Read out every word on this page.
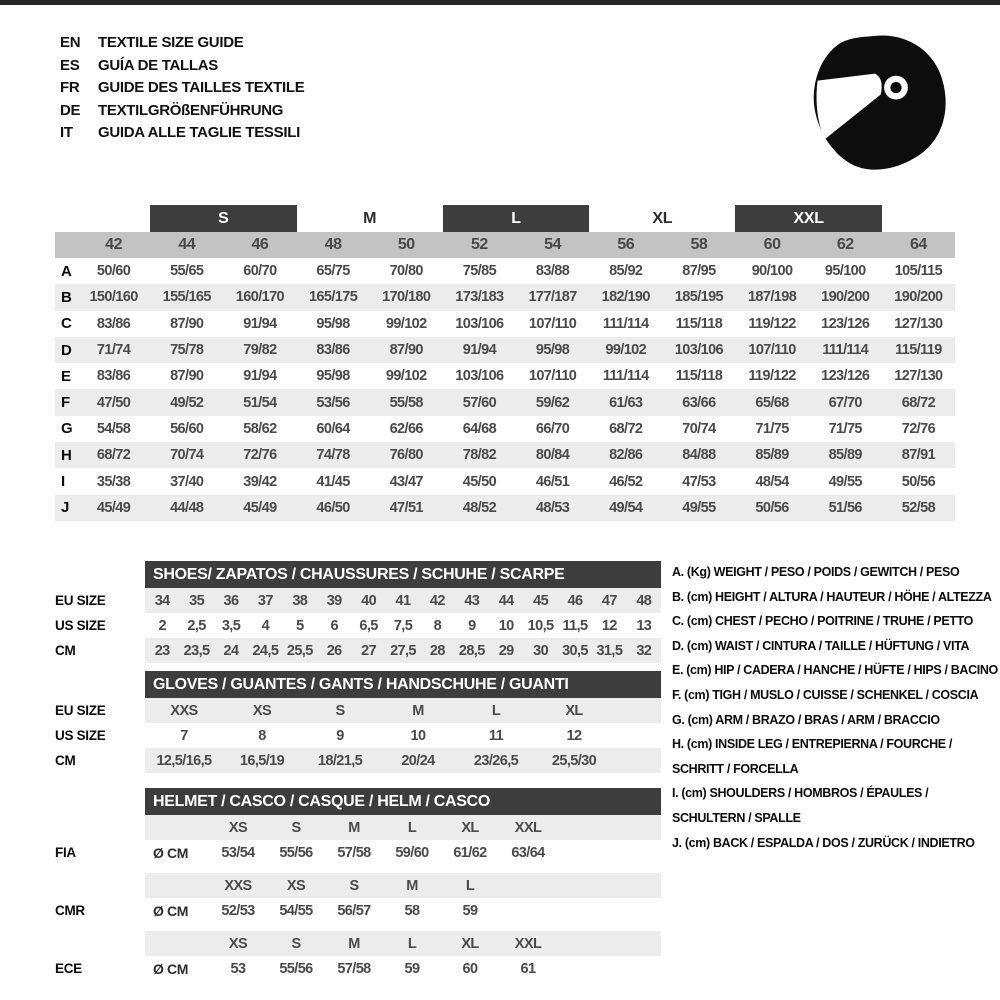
EN	TEXTILE SIZE GUIDE
ES	GUÍA DE TALLAS
FR	GUIDE DES TAILLES TEXTILE
DE	TEXTILGRÖßENFÜHRUNG
IT	GUIDA ALLE TAGLIE TESSILI
S	M	L	XL	XXL
42	44	46	48	50	52	54	56	58	60	62	64
A	50/60	55/65	60/70	65/75	70/80	75/85	83/88	85/92	87/95	90/100	95/100	105/115
B	150/160	155/165	160/170	165/175	170/180	173/183	177/187	182/190	185/195	187/198	190/200	190/200
C	83/86	87/90	91/94	95/98	99/102	103/106	107/110	111/114	115/118	119/122	123/126	127/130
D	71/74	75/78	79/82	83/86	87/90	91/94	95/98	99/102	103/106	107/110	111/114	115/119
E	83/86	87/90	91/94	95/98	99/102	103/106	107/110	111/114	115/118	119/122	123/126	127/130
F	47/50	49/52	51/54	53/56	55/58	57/60	59/62	61/63	63/66	65/68	67/70	68/72
G	54/58	56/60	58/62	60/64	62/66	64/68	66/70	68/72	70/74	71/75	71/75	72/76
H	68/72	70/74	72/76	74/78	76/80	78/82	80/84	82/86	84/88	85/89	85/89	87/91
I	35/38	37/40	39/42	41/45	43/47	45/50	46/51	46/52	47/53	48/54	49/55	50/56
J	45/49	44/48	45/49	46/50	47/51	48/52	48/53	49/54	49/55	50/56	51/56	52/58
SHOES/ ZAPATOS / CHAUSSURES / SCHUHE / SCARPE
EU SIZE	34	35	36	37	38	39	40	41	42	43	44	45	46	47	48
US SIZE	2	2,5	3,5	4	5	6	6,5	7,5	8	9	10 10,5 11,5 12	13
CM	23 23,5 24 24,5 25,5 26	27 27,5 28 28,5 29	30 30,5 31,5 32
GLOVES / GUANTES / GANTS / HANDSCHUHE / GUANTI
EU SIZE	XXS	XS	S	M	L	XL
US SIZE	7	8	9	10	11	12
CM	12,5/16,5	16,5/19	18/21,5	20/24	23/26,5	25,5/30
HELMET / CASCO / CASQUE / HELM / CASCO
XS	S	M	L	XL	XXL
FIA	Ø CM	53/54	55/56	57/58	59/60	61/62	63/64
XXS	XS	S	M	L
CMR	Ø CM	52/53	54/55	56/57	58	59
XS	S	M	L	XL	XXL
ECE	Ø CM	53	55/56	57/58	59	60	61
A. (Kg) WEIGHT / PESO / POIDS / GEWITCH / PESO
B. (cm) HEIGHT / ALTURA / HAUTEUR / HÖHE / ALTEZZA
C. (cm) CHEST / PECHO / POITRINE / TRUHE / PETTO
D. (cm) WAIST / CINTURA / TAILLE / HÜFTUNG / VITA
E. (cm) HIP / CADERA / HANCHE / HÜFTE / HIPS / BACINO
F. (cm) TIGH / MUSLO / CUISSE / SCHENKEL / COSCIA
G. (cm) ARM / BRAZO / BRAS / ARM / BRACCIO
H. (cm) INSIDE LEG / ENTREPIERNA / FOURCHE /
SCHRITT / FORCELLA
I. (cm) SHOULDERS / HOMBROS / ÉPAULES /
SCHULTERN / SPALLE
J. (cm) BACK / ESPALDA / DOS / ZURÜCK / INDIETRO
